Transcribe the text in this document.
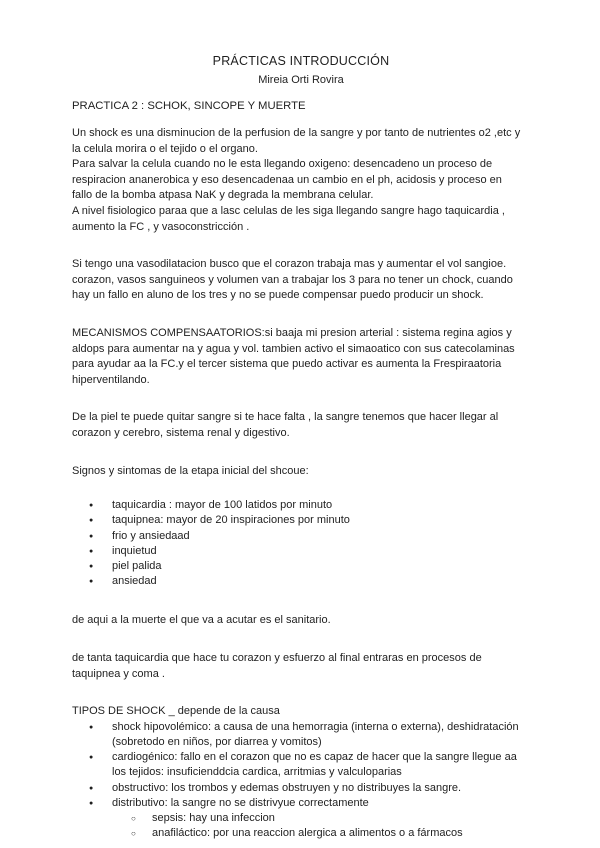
PRÁCTICAS INTRODUCCIÓN
Mireia Orti Rovira
PRACTICA 2 : SCHOK, SINCOPE Y MUERTE

Un shock es una disminucion de la perfusion de la sangre y por tanto de nutrientes o2 ,etc y

la celula morira o el tejido o el organo.

Para salvar la celula cuando no le esta llegando oxigeno: desencadeno un proceso de

respiracion ananerobica y eso desencadenaa un cambio en el ph, acidosis y proceso en

fallo de la bomba atpasa NaK y degrada la membrana celular.

A nivel fisiologico paraa que a lasc celulas de les siga llegando sangre hago taquicardia ,

aumento la FC , y vasoconstricción .

Si tengo una vasodilatacion busco que el corazon trabaja mas y aumentar el vol sangioe.

corazon, vasos sanguineos y volumen van a trabajar los 3 para no tener un chock, cuando

hay un fallo en aluno de los tres y no se puede compensar puedo producir un shock.

MECANISMOS COMPENSAATORIOS:si baaja mi presion arterial : sistema regina agios y

aldops para aumentar na y agua y vol. tambien activo el simaoatico con sus catecolaminas

para ayudar aa la FC.y el tercer sistema que puedo activar es aumenta la Frespiraatoria

hiperventilando.

De la piel te puede quitar sangre si te hace falta , la sangre tenemos que hacer llegar al

corazon y cerebro, sistema renal y digestivo.

Signos y sintomas de la etapa inicial del shcoue:

● taquicardia : mayor de 100 latidos por minuto
● taquipnea: mayor de 20 inspiraciones por minuto
● frio y ansiedaad
● inquietud
● piel palida
● ansiedad

de aqui a la muerte el que va a acutar es el sanitario.

de tanta taquicardia que hace tu corazon y esfuerzo al final entraras en procesos de

taquipnea y coma .

TIPOS DE SHOCK _ depende de la causa

● shock hipovolémico: a causa de una hemorragia (interna o externa), deshidratación
(sobretodo en niños, por diarrea y vomitos)
● cardiogénico: fallo en el corazon que no es capaz de hacer que la sangre llegue aa
los tejidos: insuficienddcia cardica, arritmias y valculoparias
● obstructivo: los trombos y edemas obstruyen y no distribuyes la sangre.
● distributivo: la sangre no se distrivyue correctamente
○ sepsis: hay una infeccion
○ anafiláctico: por una reaccion alergica a alimentos o a fármacos
